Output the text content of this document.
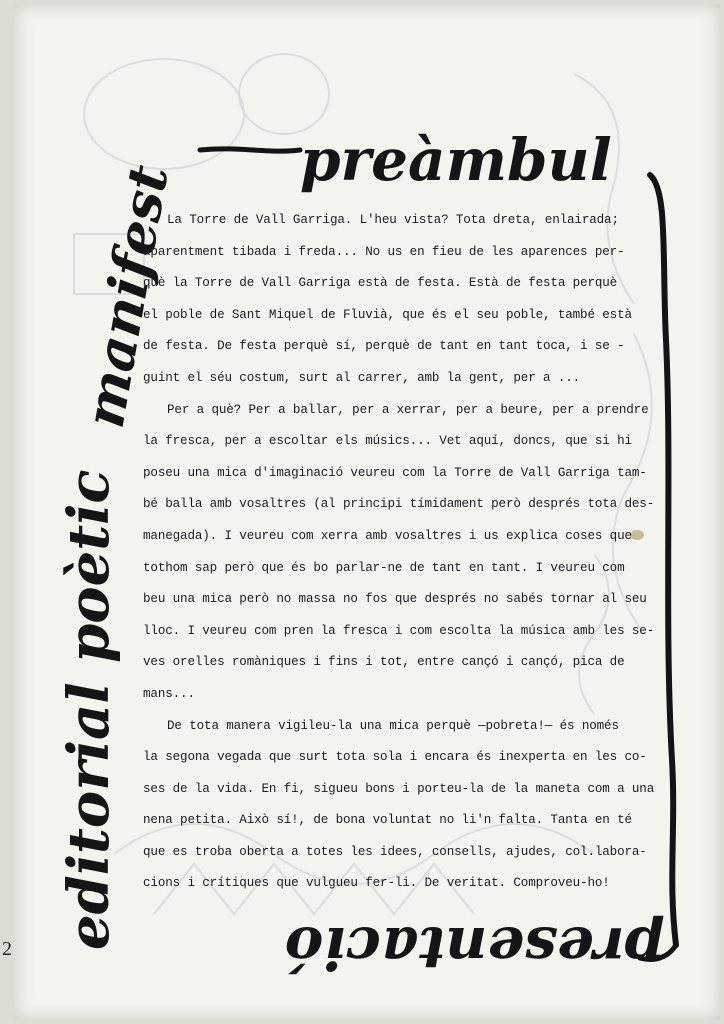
manifest
preàmbul
editorial poètic	presentació

La Torre de Vall Garriga. L'heu vista? Tota dreta, enlairada;

aparentment tibada i freda... No us en fieu de les aparences per-

què la Torre de Vall Garriga està de festa. Està de festa perquè

el poble de Sant Miquel de Fluvià, que és el seu poble, també està

de festa. De festa perquè sí, perquè de tant en tant toca, i se -

guint el séu costum, surt al carrer, amb la gent, per a ...

Per a què? Per a ballar, per a xerrar, per a beure, per a prendre

la fresca, per a escoltar els músics... Vet aquí, doncs, que si hi

poseu una mica d'imaginació veureu com la Torre de Vall Garriga tam-

bé balla amb vosaltres (al principi tímidament però després tota des-

manegada). I veureu com xerra amb vosaltres i us explica coses que

tothom sap però que és bo parlar-ne de tant en tant. I veureu com

beu una mica però no massa no fos que després no sabés tornar al seu

lloc. I veureu com pren la fresca i com escolta la música amb les se-

ves orelles romàniques i fins i tot, entre cançó i cançó, pica de

mans...

De tota manera vigileu-la una mica perquè —pobreta!— és només

la segona vegada que surt tota sola i encara és inexperta en les co-

ses de la vida. En fi, sigueu bons i porteu-la de la maneta com a una

nena petita. Això sí!, de bona voluntat no li'n falta. Tanta en té

que es troba oberta a totes les idees, consells, ajudes, col.labora-

cions i crítiques que vulgueu fer-li. De veritat. Comproveu-ho!

2
